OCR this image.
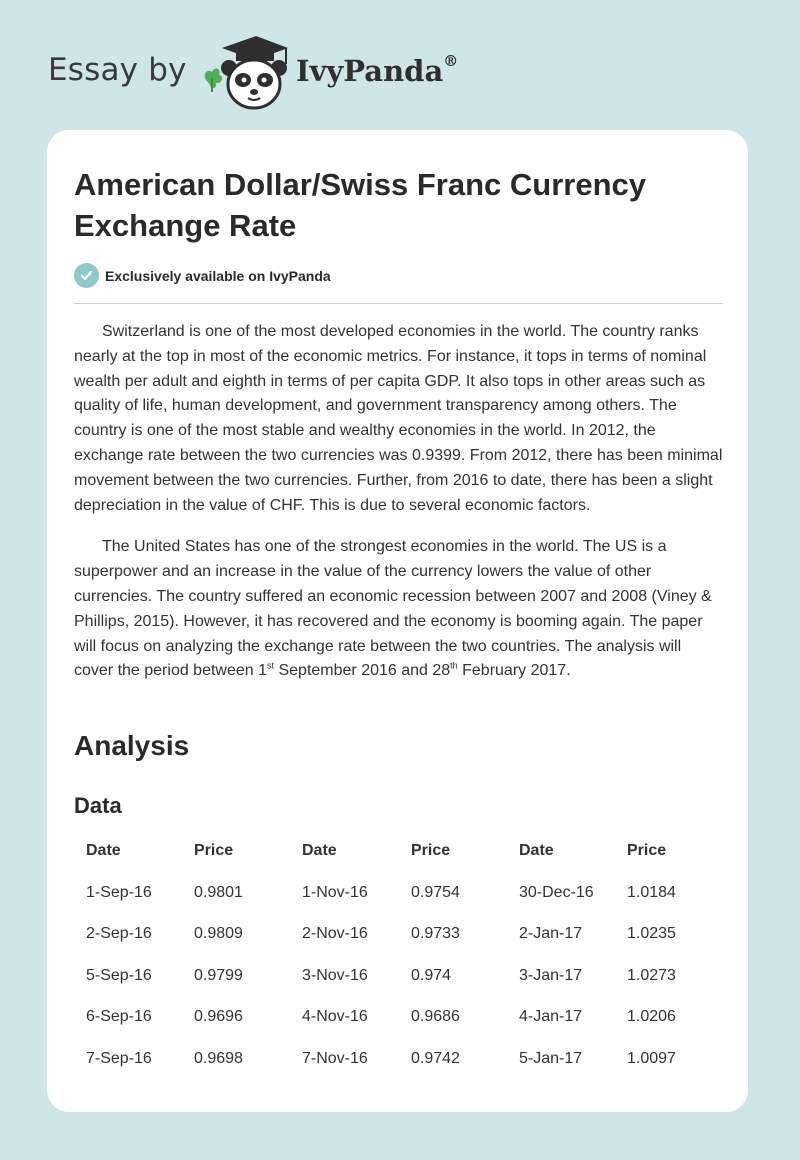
Essay by	IvyPanda®
American Dollar/Swiss Franc Currency Exchange Rate
Exclusively available on IvyPanda

Switzerland is one of the most developed economies in the world. The country ranks nearly at the top in most of the economic metrics. For instance, it tops in terms of nominal wealth per adult and eighth in terms of per capita GDP. It also tops in other areas such as quality of life, human development, and government transparency among others. The country is one of the most stable and wealthy economies in the world. In 2012, the exchange rate between the two currencies was 0.9399. From 2012, there has been minimal movement between the two currencies. Further, from 2016 to date, there has been a slight depreciation in the value of CHF. This is due to several economic factors.

The United States has one of the strongest economies in the world. The US is a superpower and an increase in the value of the currency lowers the value of other currencies. The country suffered an economic recession between 2007 and 2008 (Viney & Phillips, 2015). However, it has recovered and the economy is booming again. The paper will focus on analyzing the exchange rate between the two countries. The analysis will cover the period between 1st September 2016 and 28th February 2017.

Analysis
Data
Date	Price	Date	Price	Date	Price
1-Sep-16	0.9801	1-Nov-16	0.9754	30-Dec-16	1.0184
2-Sep-16	0.9809	2-Nov-16	0.9733	2-Jan-17	1.0235
5-Sep-16	0.9799	3-Nov-16	0.974	3-Jan-17	1.0273
6-Sep-16	0.9696	4-Nov-16	0.9686	4-Jan-17	1.0206
7-Sep-16	0.9698	7-Nov-16	0.9742	5-Jan-17	1.0097
